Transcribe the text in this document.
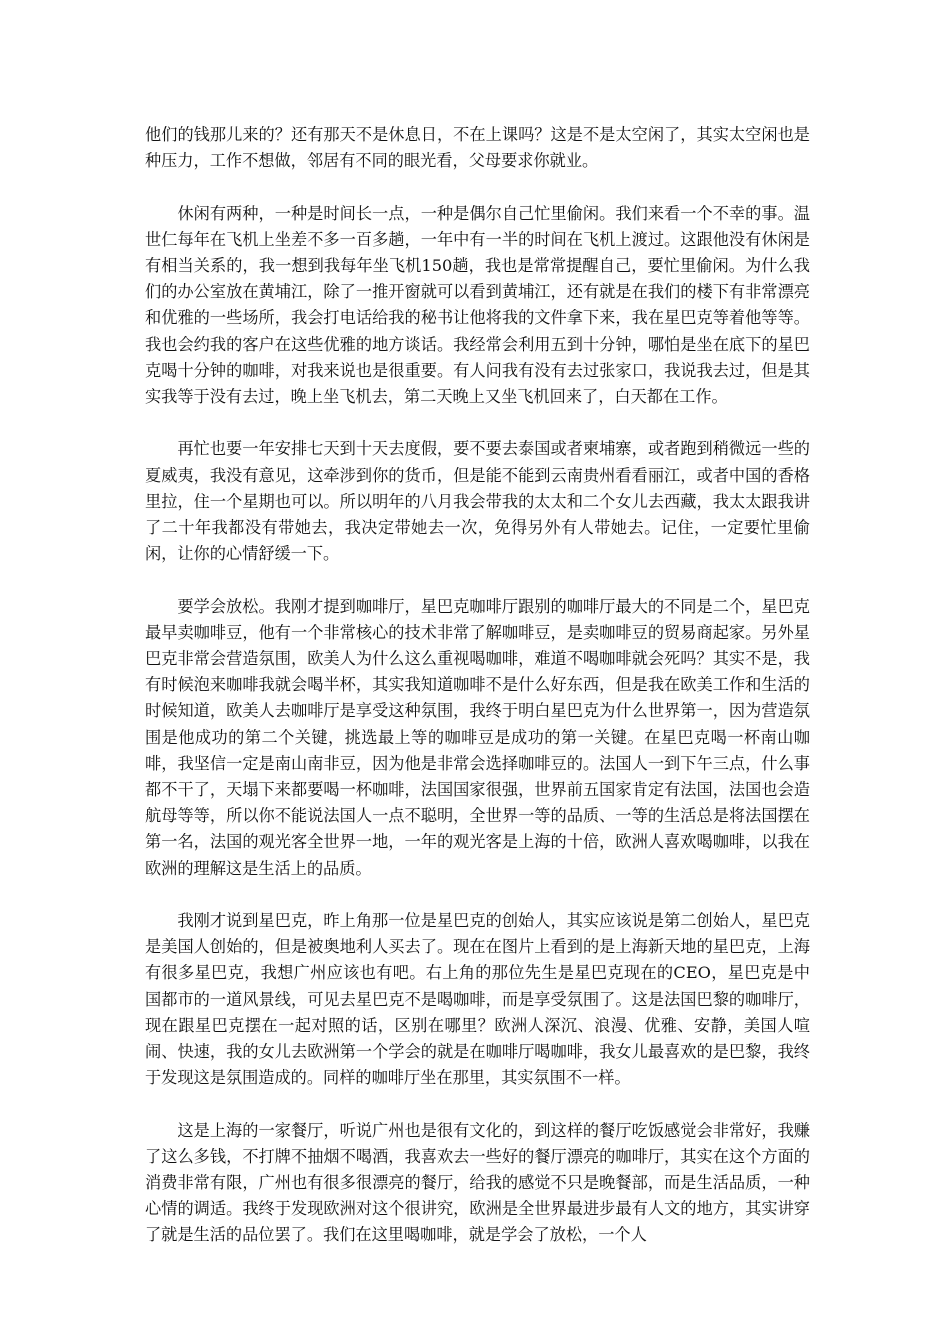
他们的钱那儿来的？还有那天不是休息日，不在上课吗？这是不是太空闲了，其实太空闲也是种压力，工作不想做，邻居有不同的眼光看，父母要求你就业。

休闲有两种，一种是时间长一点，一种是偶尔自己忙里偷闲。我们来看一个不幸的事。温世仁每年在飞机上坐差不多一百多趟，一年中有一半的时间在飞机上渡过。这跟他没有休闲是有相当关系的，我一想到我每年坐飞机150趟，我也是常常提醒自己，要忙里偷闲。为什么我们的办公室放在黄埔江，除了一推开窗就可以看到黄埔江，还有就是在我们的楼下有非常漂亮和优雅的一些场所，我会打电话给我的秘书让他将我的文件拿下来，我在星巴克等着他等等。我也会约我的客户在这些优雅的地方谈话。我经常会利用五到十分钟，哪怕是坐在底下的星巴克喝十分钟的咖啡，对我来说也是很重要。有人问我有没有去过张家口，我说我去过，但是其实我等于没有去过，晚上坐飞机去，第二天晚上又坐飞机回来了，白天都在工作。

再忙也要一年安排七天到十天去度假，要不要去泰国或者柬埔寨，或者跑到稍微远一些的夏威夷，我没有意见，这牵涉到你的货币，但是能不能到云南贵州看看丽江，或者中国的香格里拉，住一个星期也可以。所以明年的八月我会带我的太太和二个女儿去西藏，我太太跟我讲了二十年我都没有带她去，我决定带她去一次，免得另外有人带她去。记住，一定要忙里偷闲，让你的心情舒缓一下。

要学会放松。我刚才提到咖啡厅，星巴克咖啡厅跟别的咖啡厅最大的不同是二个，星巴克最早卖咖啡豆，他有一个非常核心的技术非常了解咖啡豆，是卖咖啡豆的贸易商起家。另外星巴克非常会营造氛围，欧美人为什么这么重视喝咖啡，难道不喝咖啡就会死吗？其实不是，我有时候泡来咖啡我就会喝半杯，其实我知道咖啡不是什么好东西，但是我在欧美工作和生活的时候知道，欧美人去咖啡厅是享受这种氛围，我终于明白星巴克为什么世界第一，因为营造氛围是他成功的第二个关键，挑选最上等的咖啡豆是成功的第一关键。在星巴克喝一杯南山咖啡，我坚信一定是南山南非豆，因为他是非常会选择咖啡豆的。法国人一到下午三点，什么事都不干了，天塌下来都要喝一杯咖啡，法国国家很强，世界前五国家肯定有法国，法国也会造航母等等，所以你不能说法国人一点不聪明，全世界一等的品质、一等的生活总是将法国摆在第一名，法国的观光客全世界一地，一年的观光客是上海的十倍，欧洲人喜欢喝咖啡，以我在欧洲的理解这是生活上的品质。

我刚才说到星巴克，昨上角那一位是星巴克的创始人，其实应该说是第二创始人，星巴克是美国人创始的，但是被奥地利人买去了。现在在图片上看到的是上海新天地的星巴克，上海有很多星巴克，我想广州应该也有吧。右上角的那位先生是星巴克现在的CEO，星巴克是中国都市的一道风景线，可见去星巴克不是喝咖啡，而是享受氛围了。这是法国巴黎的咖啡厅，现在跟星巴克摆在一起对照的话，区别在哪里？欧洲人深沉、浪漫、优雅、安静，美国人喧闹、快速，我的女儿去欧洲第一个学会的就是在咖啡厅喝咖啡，我女儿最喜欢的是巴黎，我终于发现这是氛围造成的。同样的咖啡厅坐在那里，其实氛围不一样。

这是上海的一家餐厅，听说广州也是很有文化的，到这样的餐厅吃饭感觉会非常好，我赚了这么多钱，不打牌不抽烟不喝酒，我喜欢去一些好的餐厅漂亮的咖啡厅，其实在这个方面的消费非常有限，广州也有很多很漂亮的餐厅，给我的感觉不只是晚餐部，而是生活品质，一种心情的调适。我终于发现欧洲对这个很讲究，欧洲是全世界最进步最有人文的地方，其实讲穿了就是生活的品位罢了。我们在这里喝咖啡，就是学会了放松，一个人
